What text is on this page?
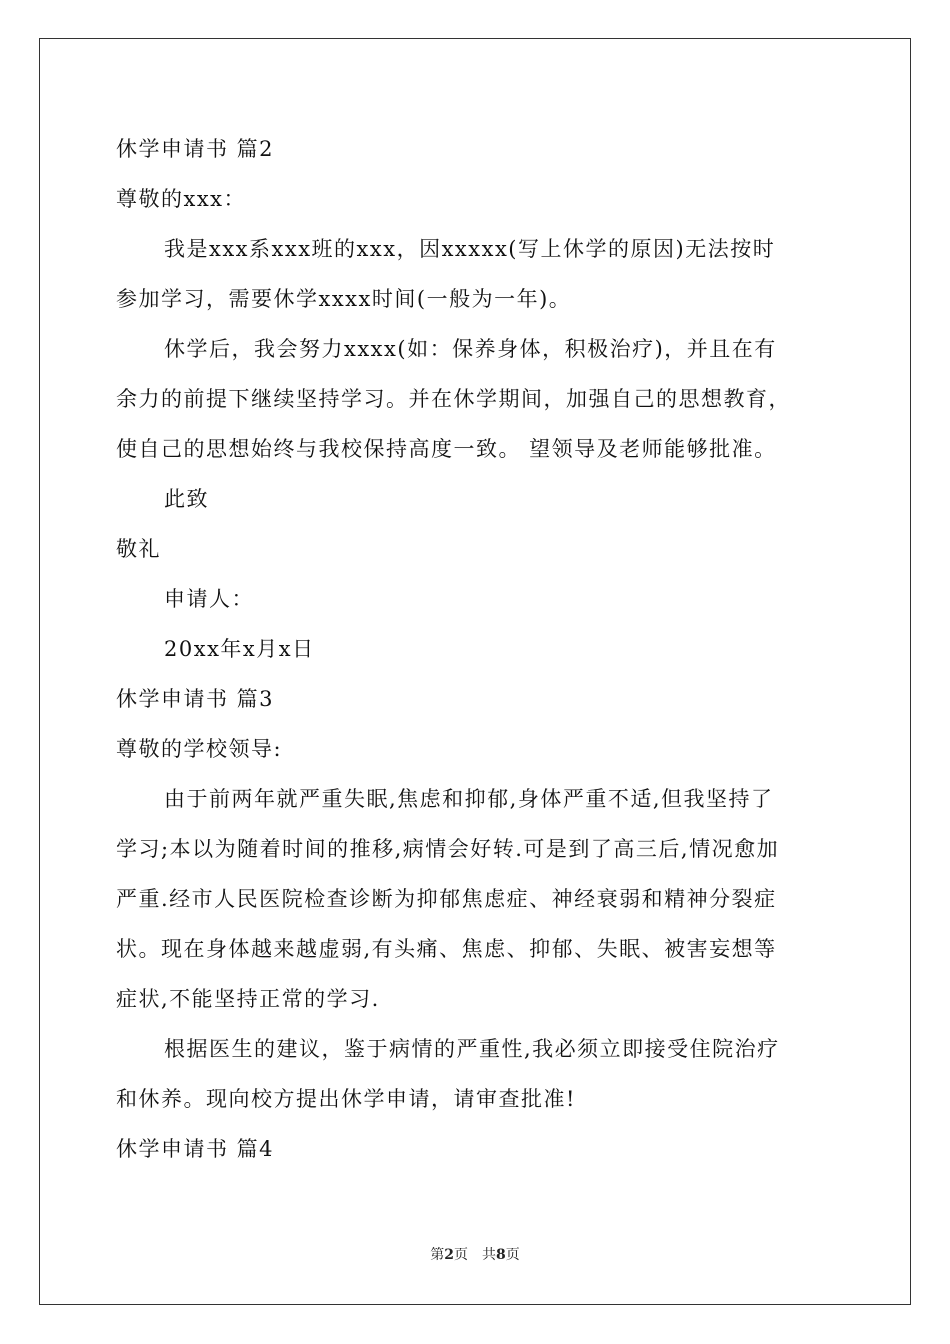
休学申请书 篇2
尊敬的xxx：
我是xxx系xxx班的xxx，因xxxxx(写上休学的原因)无法按时
参加学习，需要休学xxxx时间(一般为一年)。
休学后，我会努力xxxx(如：保养身体，积极治疗)，并且在有
余力的前提下继续坚持学习。并在休学期间，加强自己的思想教育，
使自己的思想始终与我校保持高度一致。 望领导及老师能够批准。
此致
敬礼
申请人：
20xx年x月x日
休学申请书 篇3
尊敬的学校领导:
由于前两年就严重失眠,焦虑和抑郁,身体严重不适,但我坚持了
学习;本以为随着时间的推移,病情会好转.可是到了高三后,情况愈加
严重.经市人民医院检查诊断为抑郁焦虑症、神经衰弱和精神分裂症
状。现在身体越来越虚弱,有头痛、焦虑、抑郁、失眠、被害妄想等
症状,不能坚持正常的学习.
根据医生的建议，鉴于病情的严重性,我必须立即接受住院治疗
和休养。现向校方提出休学申请，请审查批准!
休学申请书 篇4
第2页　共8页
